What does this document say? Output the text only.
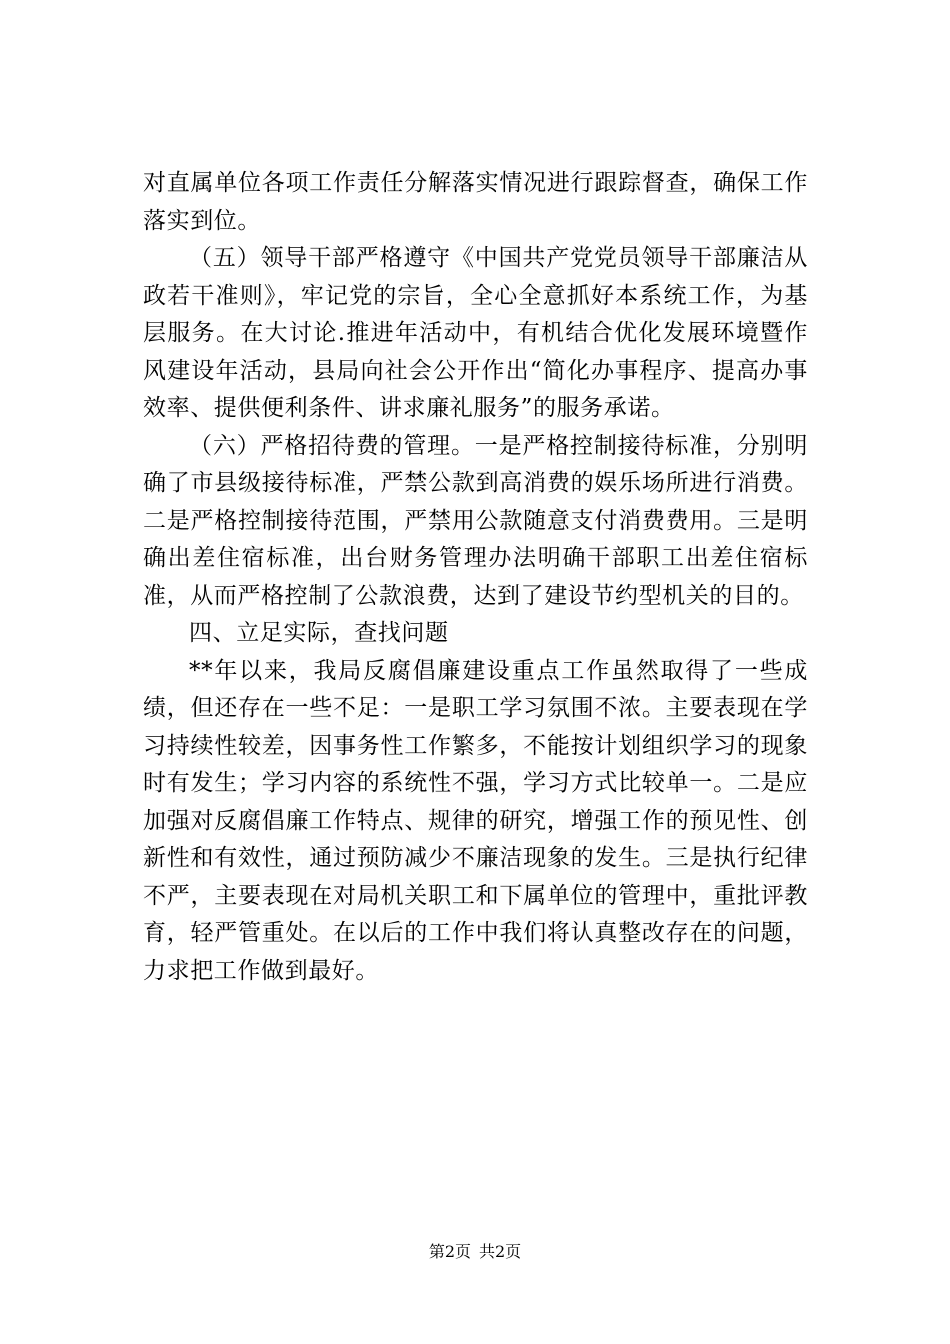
对直属单位各项工作责任分解落实情况进行跟踪督查，确保工作落实到位。

（五）领导干部严格遵守《中国共产党党员领导干部廉洁从政若干准则》，牢记党的宗旨，全心全意抓好本系统工作，为基层服务。在大讨论.推进年活动中，有机结合优化发展环境暨作风建设年活动，县局向社会公开作出“简化办事程序、提高办事效率、提供便利条件、讲求廉礼服务”的服务承诺。

（六）严格招待费的管理。一是严格控制接待标准，分别明确了市县级接待标准，严禁公款到高消费的娱乐场所进行消费。二是严格控制接待范围，严禁用公款随意支付消费费用。三是明确出差住宿标准，出台财务管理办法明确干部职工出差住宿标准，从而严格控制了公款浪费，达到了建设节约型机关的目的。

四、立足实际，查找问题

**年以来，我局反腐倡廉建设重点工作虽然取得了一些成绩，但还存在一些不足：一是职工学习氛围不浓。主要表现在学习持续性较差，因事务性工作繁多，不能按计划组织学习的现象时有发生；学习内容的系统性不强，学习方式比较单一。二是应加强对反腐倡廉工作特点、规律的研究，增强工作的预见性、创新性和有效性，通过预防减少不廉洁现象的发生。三是执行纪律不严，主要表现在对局机关职工和下属单位的管理中，重批评教育，轻严管重处。在以后的工作中我们将认真整改存在的问题，力求把工作做到最好。

第2页 共2页
